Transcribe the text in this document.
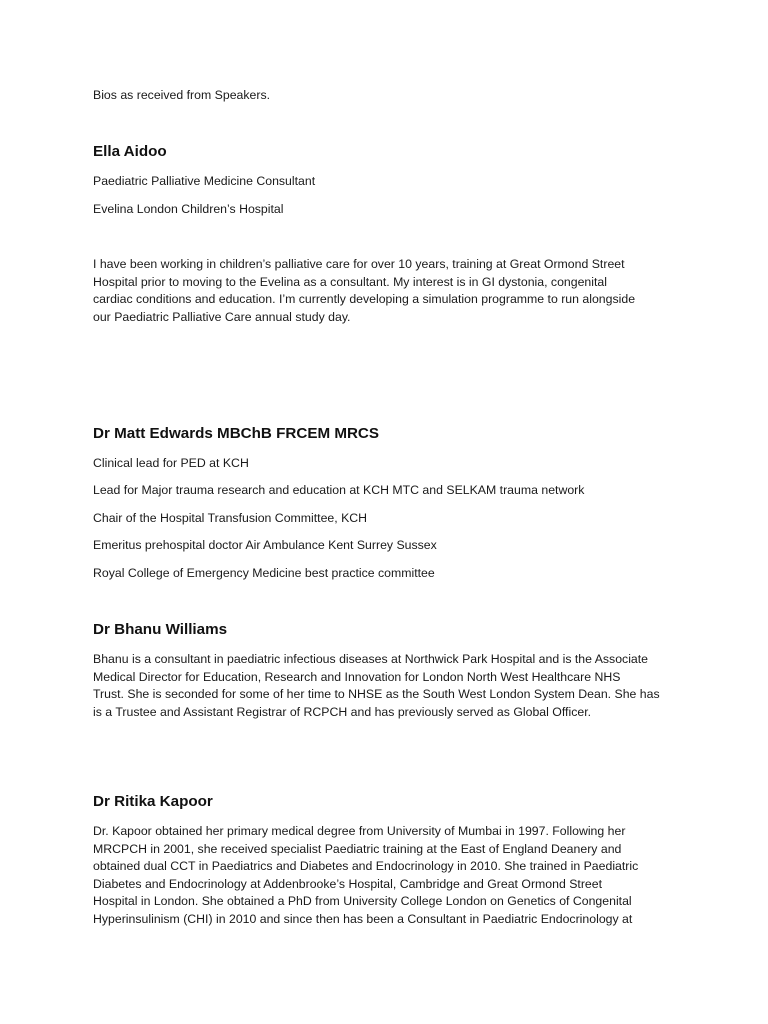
Bios as received from Speakers.
Ella Aidoo
Paediatric Palliative Medicine Consultant
Evelina London Children’s Hospital
I have been working in children’s palliative care for over 10 years, training at Great Ormond Street
Hospital prior to moving to the Evelina as a consultant. My interest is in GI dystonia, congenital
cardiac conditions and education. I’m currently developing a simulation programme to run alongside
our Paediatric Palliative Care annual study day.
Dr Matt Edwards MBChB FRCEM MRCS
Clinical lead for PED at KCH
Lead for Major trauma research and education at KCH MTC and SELKAM trauma network
Chair of the Hospital Transfusion Committee, KCH
Emeritus prehospital doctor Air Ambulance Kent Surrey Sussex
Royal College of Emergency Medicine best practice committee
Dr Bhanu Williams
Bhanu is a consultant in paediatric infectious diseases at Northwick Park Hospital and is the Associate
Medical Director for Education, Research and Innovation for London North West Healthcare NHS
Trust. She is seconded for some of her time to NHSE as the South West London System Dean. She has
is a Trustee and Assistant Registrar of RCPCH and has previously served as Global Officer.
Dr Ritika Kapoor
Dr. Kapoor obtained her primary medical degree from University of Mumbai in 1997. Following her
MRCPCH in 2001, she received specialist Paediatric training at the East of England Deanery and
obtained dual CCT in Paediatrics and Diabetes and Endocrinology in 2010. She trained in Paediatric
Diabetes and Endocrinology at Addenbrooke’s Hospital, Cambridge and Great Ormond Street
Hospital in London. She obtained a PhD from University College London on Genetics of Congenital
Hyperinsulinism (CHI) in 2010 and since then has been a Consultant in Paediatric Endocrinology at
